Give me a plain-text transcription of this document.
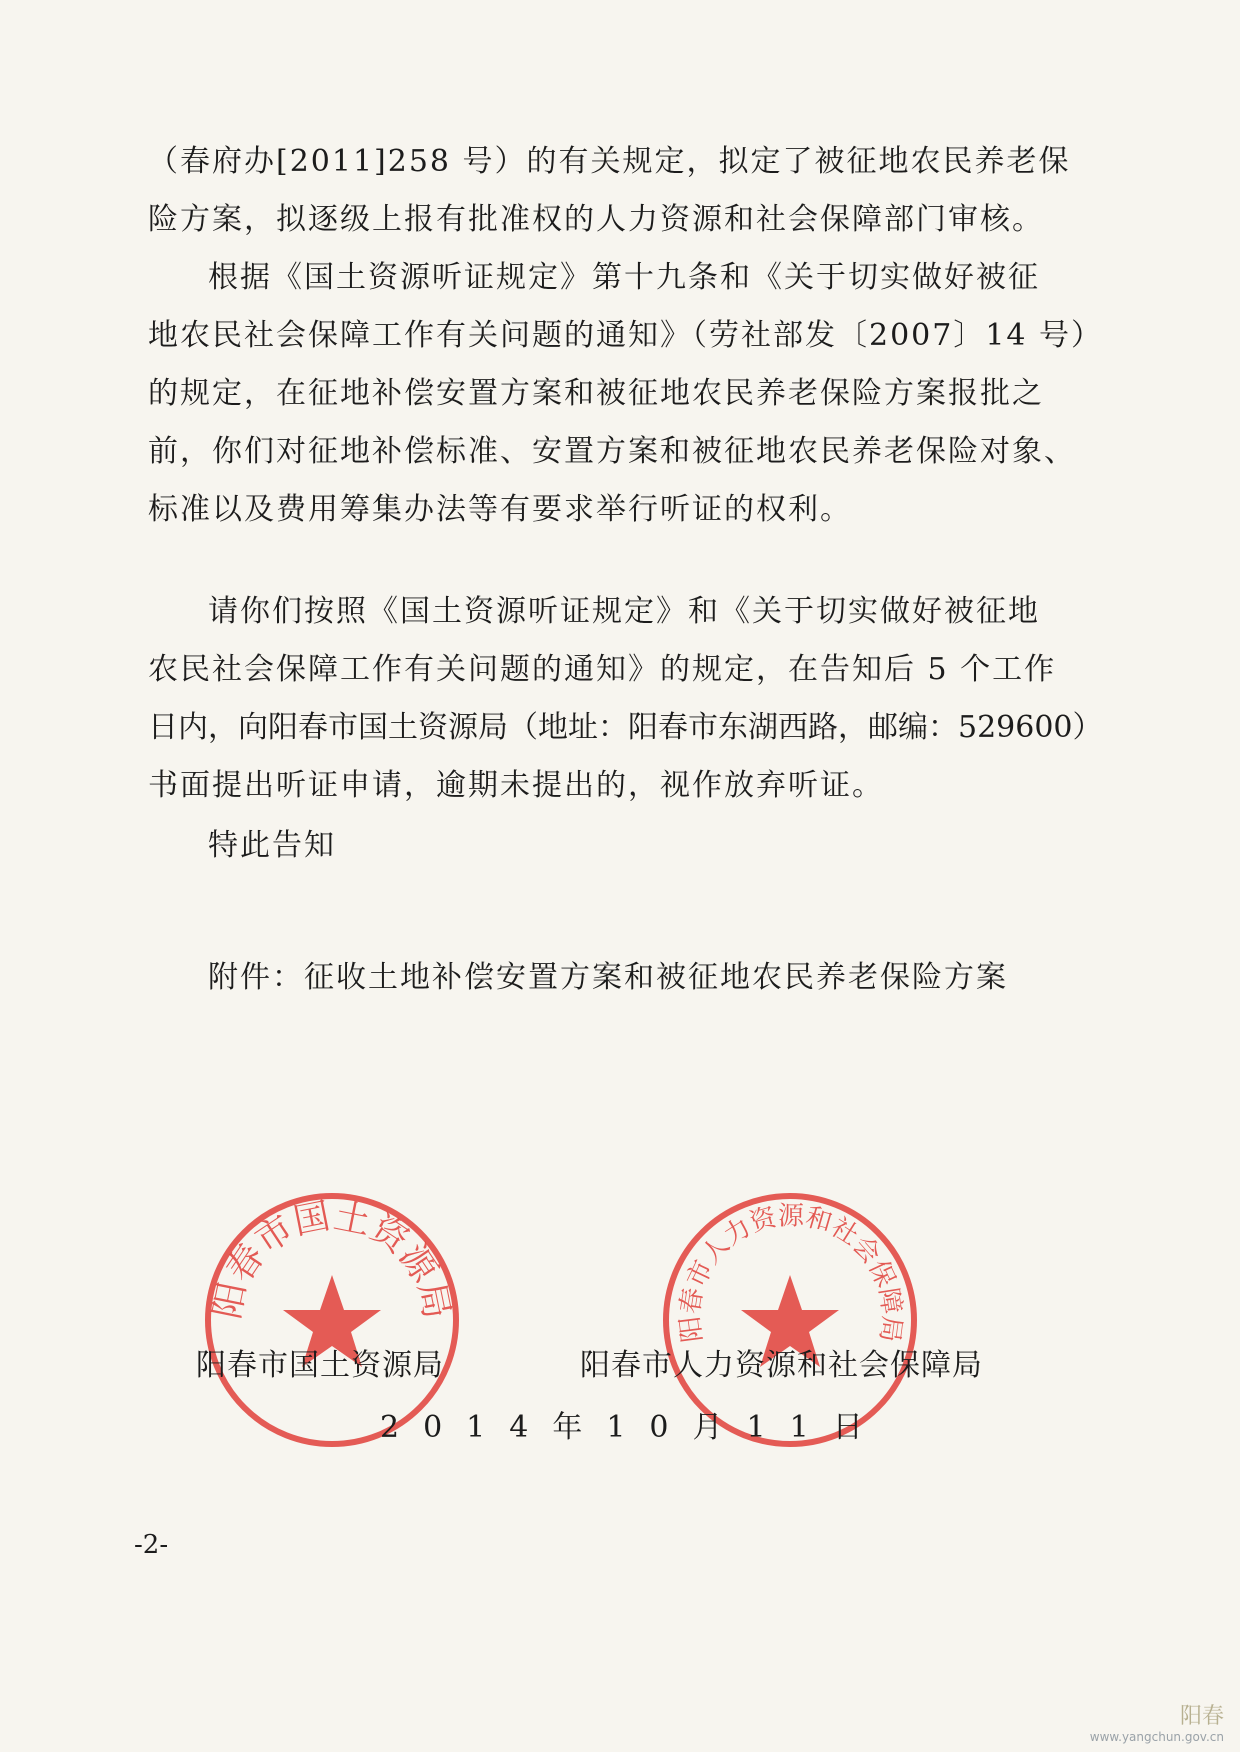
（春府办[2011]258 号）的有关规定，拟定了被征地农民养老保
险方案，拟逐级上报有批准权的人力资源和社会保障部门审核。
根据《国土资源听证规定》第十九条和《关于切实做好被征
地农民社会保障工作有关问题的通知》（劳社部发〔2007〕14 号）
的规定，在征地补偿安置方案和被征地农民养老保险方案报批之
前，你们对征地补偿标准、安置方案和被征地农民养老保险对象、
标准以及费用筹集办法等有要求举行听证的权利。
请你们按照《国土资源听证规定》和《关于切实做好被征地
农民社会保障工作有关问题的通知》的规定，在告知后 5 个工作
日内，向阳春市国土资源局（地址：阳春市东湖西路，邮编：529600）
书面提出听证申请，逾期未提出的，视作放弃听证。
特此告知
附件：征收土地补偿安置方案和被征地农民养老保险方案
阳春市国土资源局
阳春市人力资源和社会保障局
阳春市国土资源局	阳春市人力资源和社会保障局
2014年10月11日
-2-
阳春
www.yangchun.gov.cn
